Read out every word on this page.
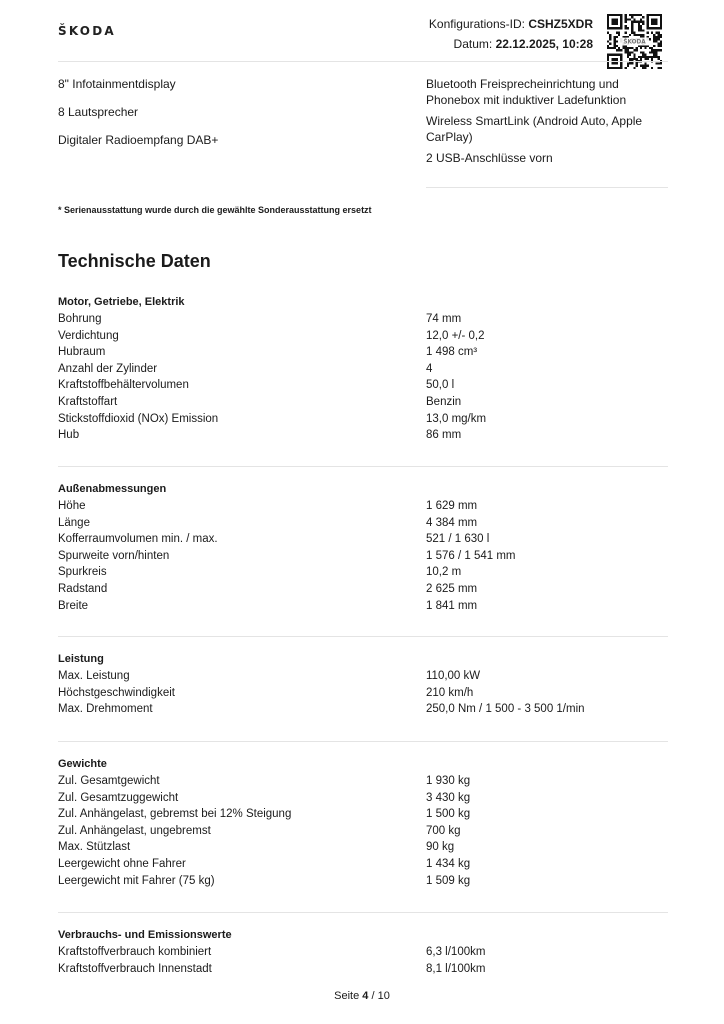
ŠKODA	Konfigurations-ID: CSHZ5XDR
Datum: 22.12.2025, 10:28	ŠKODA
8" Infotainmentdisplay
8 Lautsprecher
Digitaler Radioempfang DAB+
Bluetooth Freisprecheinrichtung und Phonebox mit induktiver Ladefunktion
Wireless SmartLink (Android Auto, Apple CarPlay)
2 USB-Anschlüsse vorn
* Serienausstattung wurde durch die gewählte Sonderausstattung ersetzt
Technische Daten
Motor, Getriebe, Elektrik
Bohrung	74 mm
Verdichtung	12,0 +/- 0,2
Hubraum	1 498 cm³
Anzahl der Zylinder	4
Kraftstoffbehältervolumen	50,0 l
Kraftstoffart	Benzin
Stickstoffdioxid (NOx) Emission	13,0 mg/km
Hub	86 mm
Außenabmessungen
Höhe	1 629 mm
Länge	4 384 mm
Kofferraumvolumen min. / max.	521 / 1 630 l
Spurweite vorn/hinten	1 576 / 1 541 mm
Spurkreis	10,2 m
Radstand	2 625 mm
Breite	1 841 mm
Leistung
Max. Leistung	110,00 kW
Höchstgeschwindigkeit	210 km/h
Max. Drehmoment	250,0 Nm / 1 500 - 3 500 1/min
Gewichte
Zul. Gesamtgewicht	1 930 kg
Zul. Gesamtzuggewicht	3 430 kg
Zul. Anhängelast, gebremst bei 12% Steigung	1 500 kg
Zul. Anhängelast, ungebremst	700 kg
Max. Stützlast	90 kg
Leergewicht ohne Fahrer	1 434 kg
Leergewicht mit Fahrer (75 kg)	1 509 kg
Verbrauchs- und Emissionswerte
Kraftstoffverbrauch kombiniert	6,3 l/100km
Kraftstoffverbrauch Innenstadt	8,1 l/100km
Seite 4 / 10
